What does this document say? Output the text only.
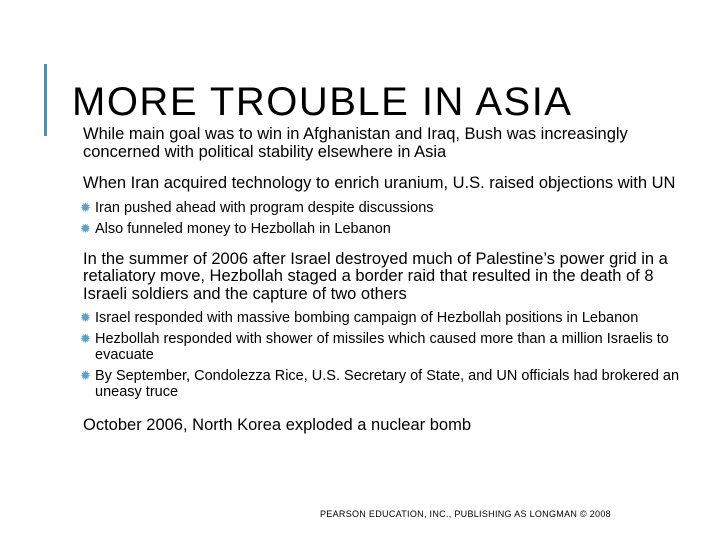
MORE TROUBLE IN ASIA

While main goal was to win in Afghanistan and Iraq, Bush was increasingly concerned with political stability elsewhere in Asia

When Iran acquired technology to enrich uranium, U.S. raised objections with UN

✹ Iran pushed ahead with program despite discussions
✹ Also funneled money to Hezbollah in Lebanon

In the summer of 2006 after Israel destroyed much of Palestine’s power grid in a retaliatory move, Hezbollah staged a border raid that resulted in the death of 8 Israeli soldiers and the capture of two others

✹ Israel responded with massive bombing campaign of Hezbollah positions in Lebanon
✹ Hezbollah responded with shower of missiles which caused more than a million Israelis to evacuate
✹ By September, Condolezza Rice, U.S. Secretary of State, and UN officials had brokered an uneasy truce
October 2006, North Korea exploded a nuclear bomb
PEARSON EDUCATION, INC., PUBLISHING AS LONGMAN © 2008
